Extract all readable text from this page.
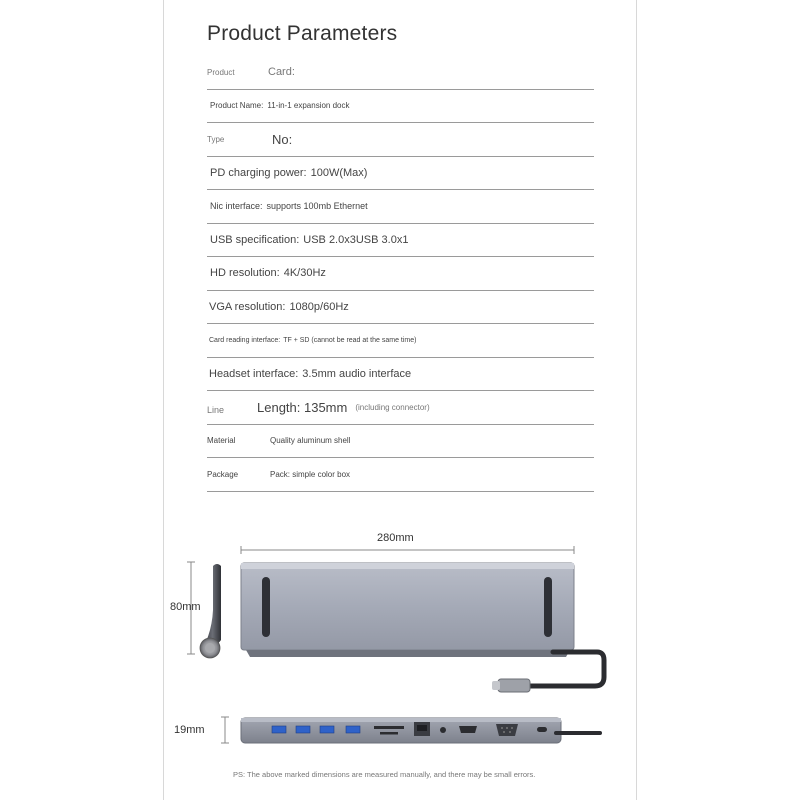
Product Parameters
Product	Card:
Product Name: 11-in-1 expansion dock
Type	No:
PD charging power: 100W(Max)
Nic interface: supports 100mb Ethernet
USB specification: USB 2.0x3USB 3.0x1
HD resolution: 4K/30Hz
VGA resolution: 1080p/60Hz
Card reading interface: TF + SD (cannot be read at the same time)
Headset interface: 3.5mm audio interface
Line	Length: 135mm (including connector)
Material	Quality aluminum shell
Package	Pack: simple color box
280mm
80mm
19mm
PS: The above marked dimensions are measured manually, and there may be small errors.
